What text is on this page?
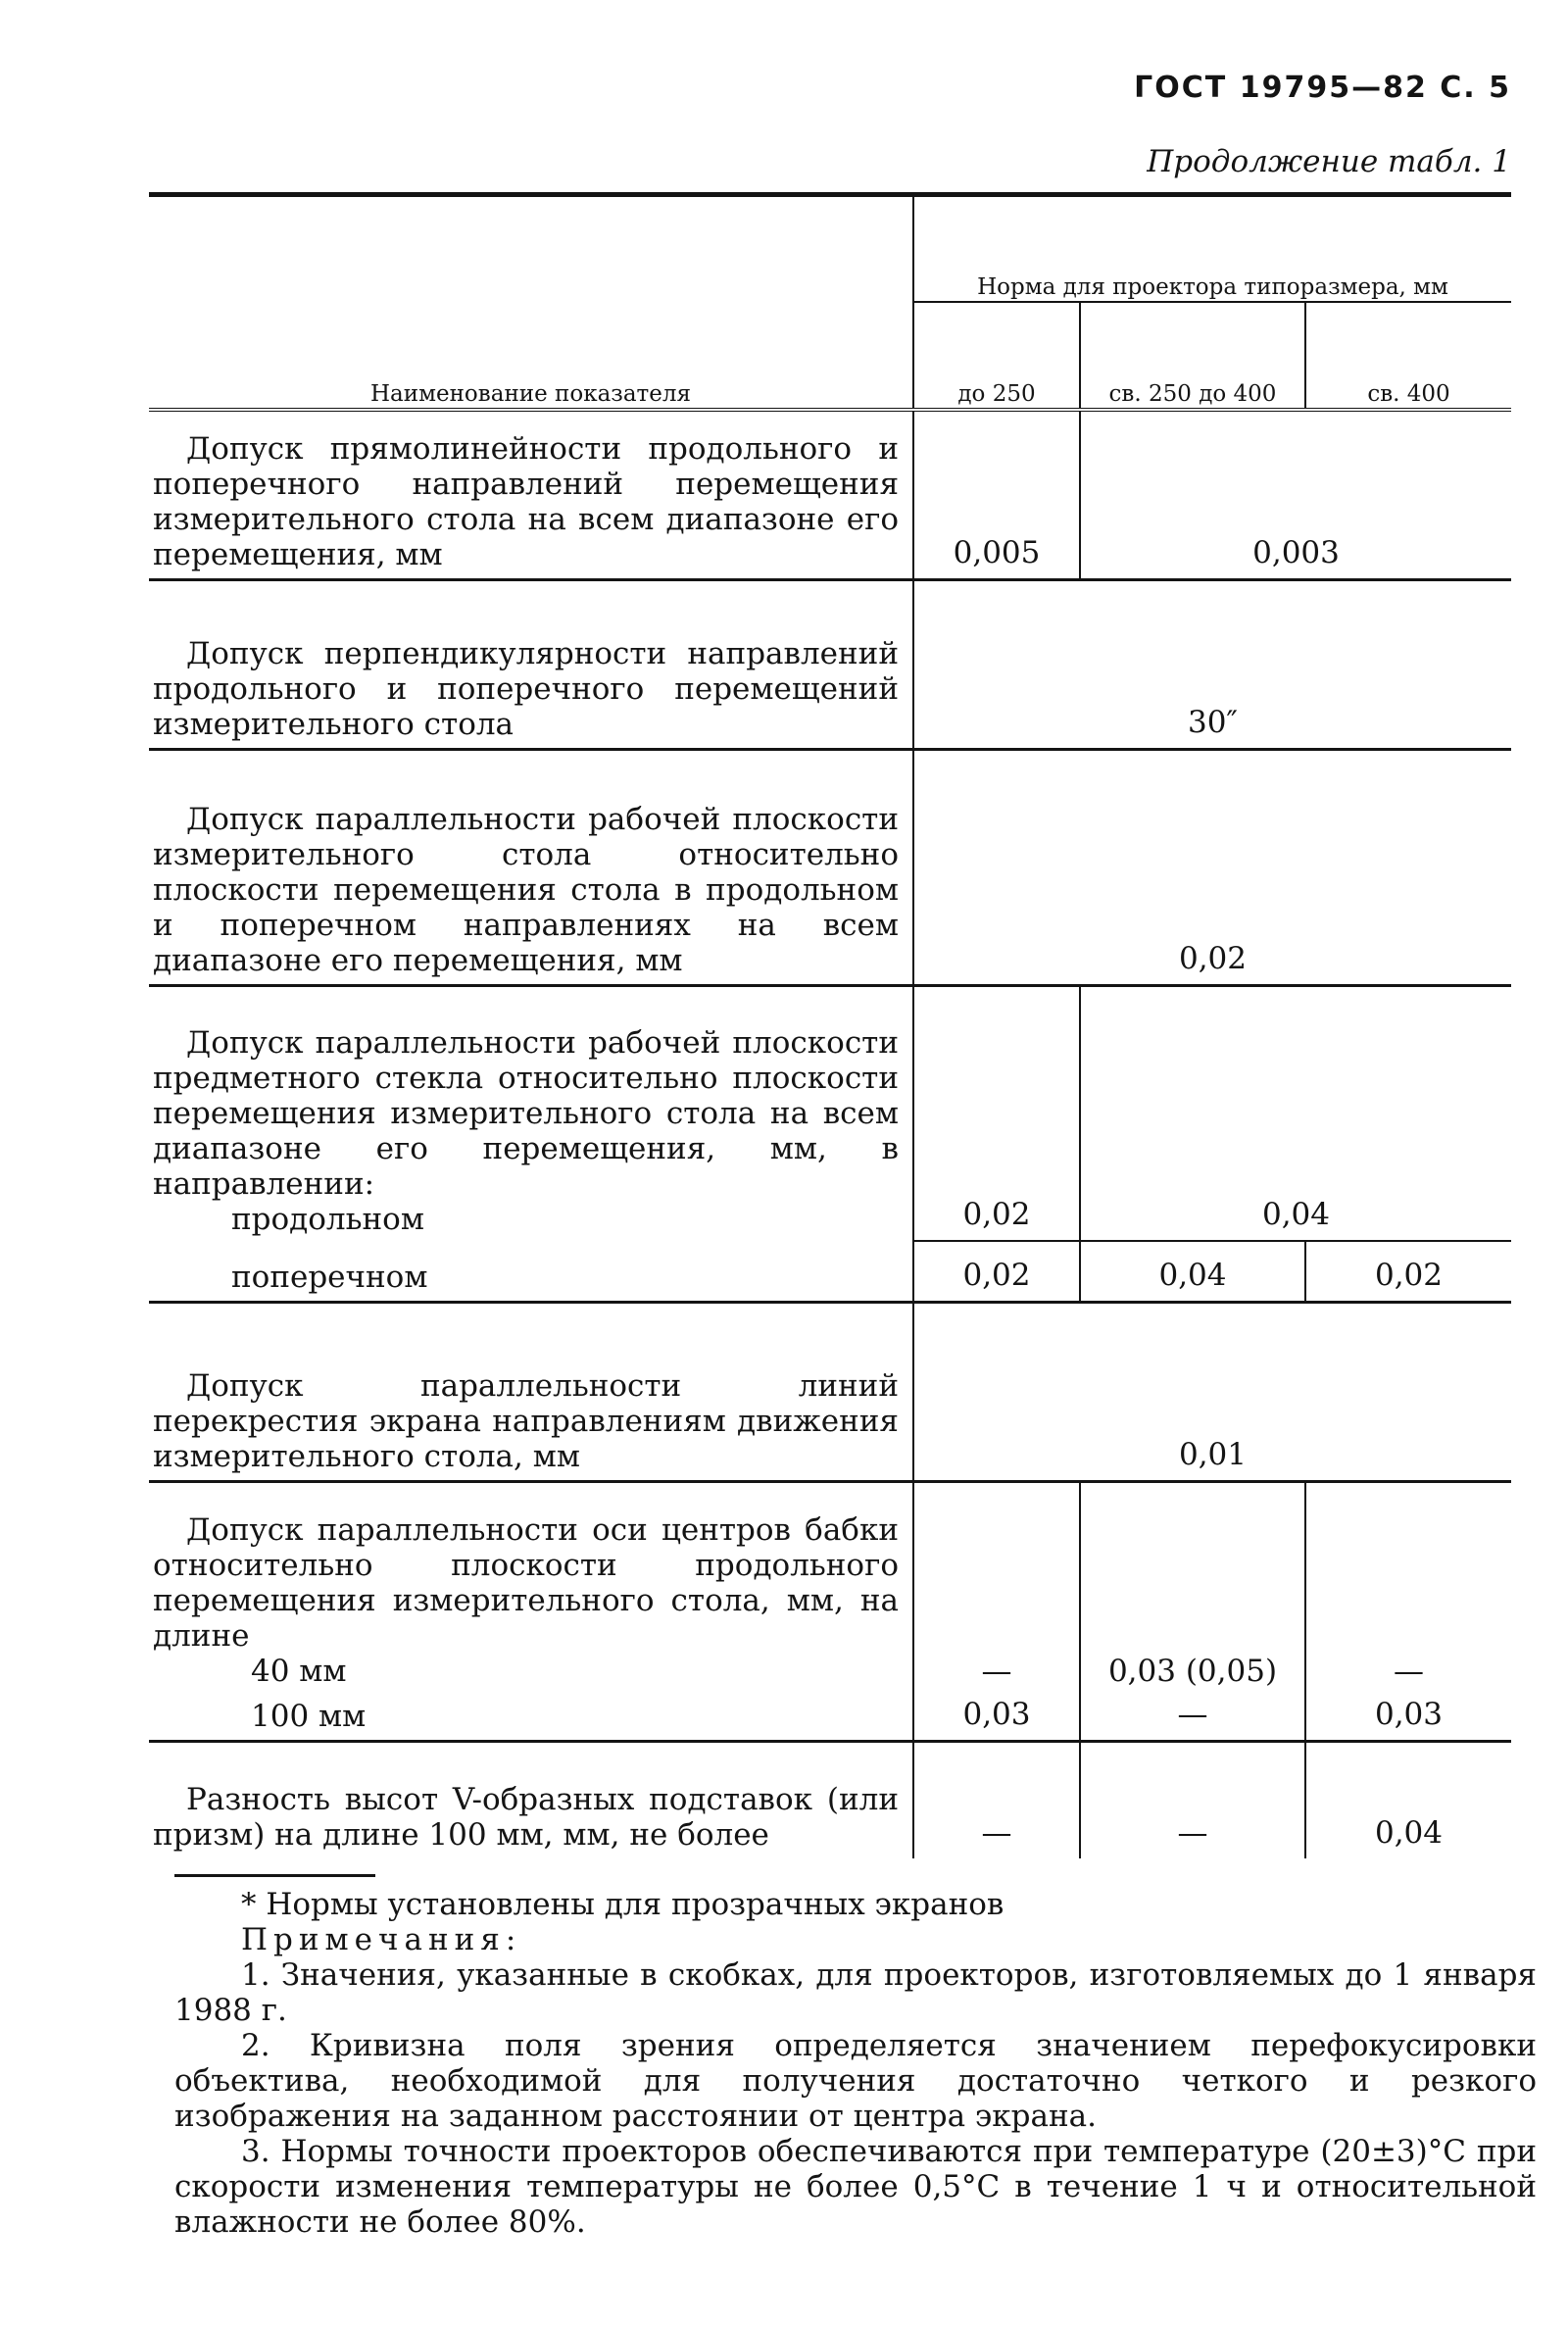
ГОСТ 19795—82 С. 5
Продолжение табл. 1
Наименование показателя	Норма для проектора типоразмера, мм		
	до 250	св. 250 до 400	св. 400

Допуск прямолинейности продольного и поперечного направлений перемещения измерительного стола на всем диапазоне его перемещения, мм	0,005	0,003	

Допуск перпендикулярности направлений продольного и поперечного перемещений измерительного стола	30″		

Допуск параллельности рабочей плоскости измерительного стола относительно плоскости перемещения стола в продольном и поперечном направлениях на всем диапазоне его перемещения, мм	0,02		

Допуск параллельности рабочей плоскости предметного стекла относительно плоскости перемещения измерительного стола на всем диапазоне его перемещения, мм, в направлении:
продольном	0,02	0,04	

поперечном	0,02	0,04	0,02

Допуск параллельности линий перекрестия экрана направлениям движения измерительного стола, мм	0,01		

Допуск параллельности оси центров бабки относительно плоскости продольного перемещения измерительного стола, мм, на длине
40 мм	—	0,03 (0,05)	—

100 мм	0,03	—	0,03

Разность высот V-образных подставок (или призм) на длине 100 мм, мм, не более	—	—	0,04
* Нормы установлены для прозрачных экранов
Примечания:
1. Значения, указанные в скобках, для проекторов, изготовляемых до 1 января 1988 г.
2. Кривизна поля зрения определяется значением перефокусировки объектива, необходимой для получения достаточно четкого и резкого изображения на заданном расстоянии от центра экрана.
3. Нормы точности проекторов обеспечиваются при температуре (20±3)°С при скорости изменения температуры не более 0,5°С в течение 1 ч и относительной влажности не более 80%.
